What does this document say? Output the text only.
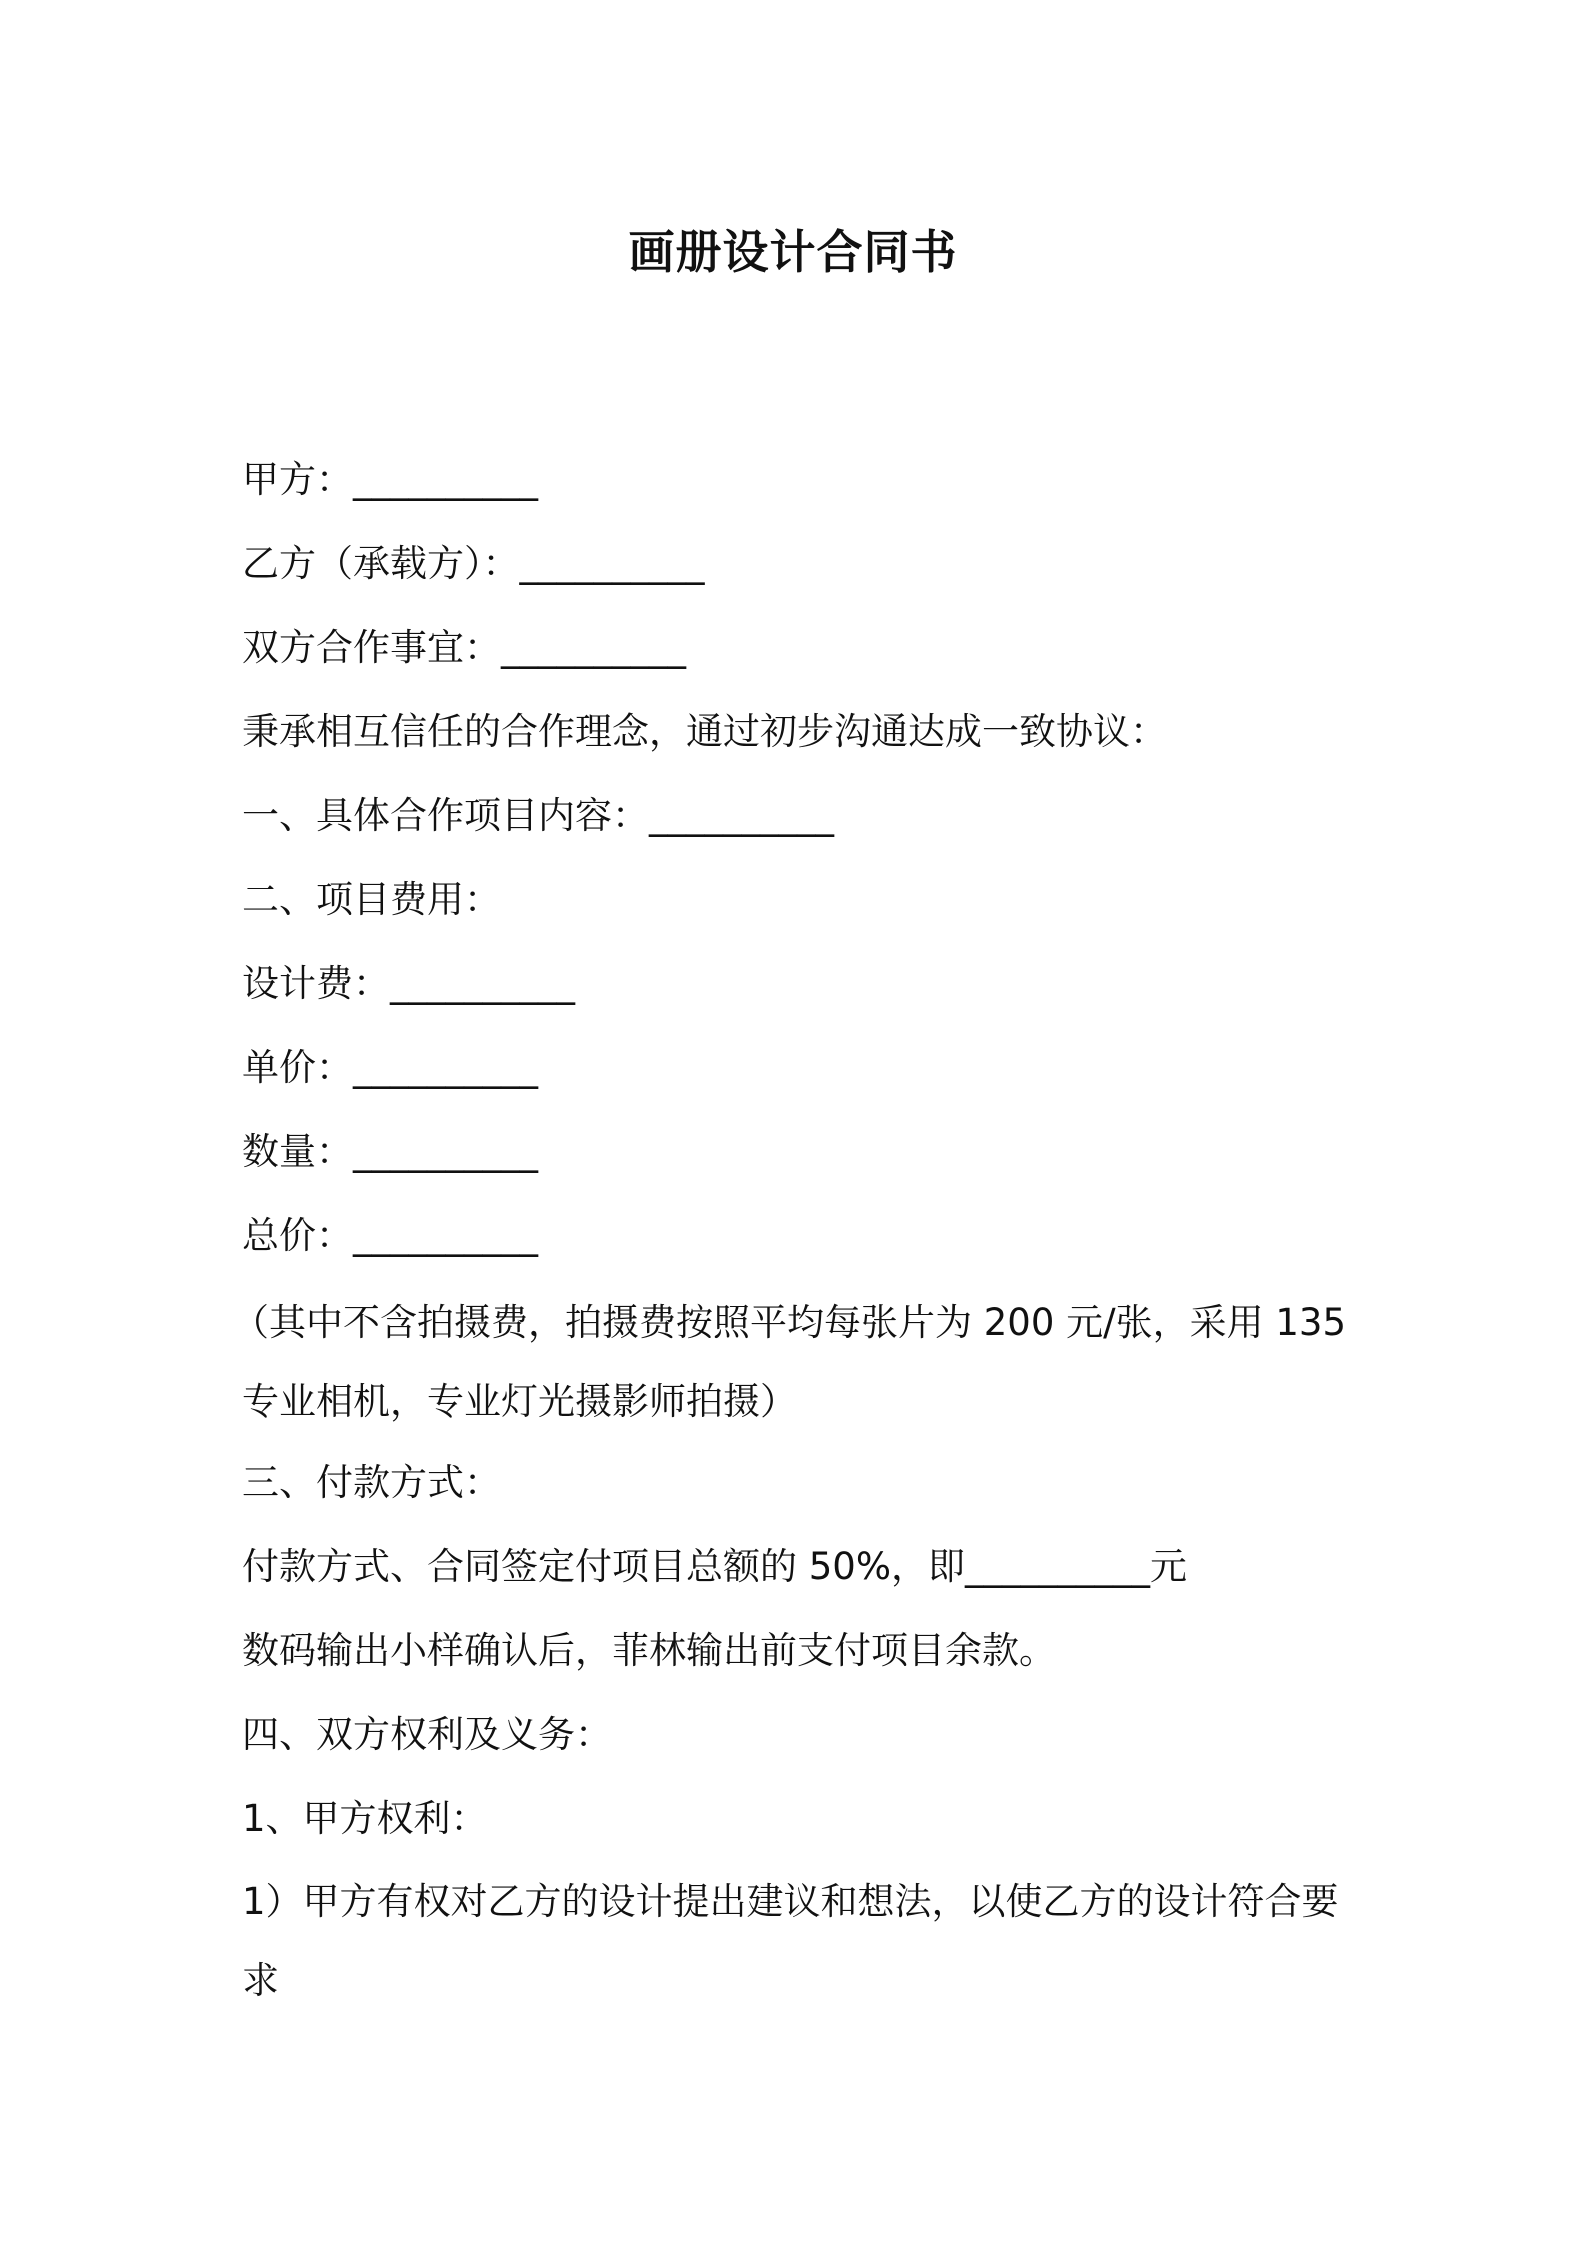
画册设计合同书
甲方：__________
乙方（承载方）：__________
双方合作事宜：__________
秉承相互信任的合作理念，通过初步沟通达成一致协议：
一、具体合作项目内容：__________
二、项目费用：
设计费：__________
单价：__________
数量：__________
总价：__________
（其中不含拍摄费，拍摄费按照平均每张片为 200 元/张，采用 135 专业相机，专业灯光摄影师拍摄）
三、付款方式：
付款方式、合同签定付项目总额的 50%，即__________元
数码输出小样确认后，菲林输出前支付项目余款。
四、双方权利及义务：
1、甲方权利：
1）甲方有权对乙方的设计提出建议和想法，以使乙方的设计符合要求
